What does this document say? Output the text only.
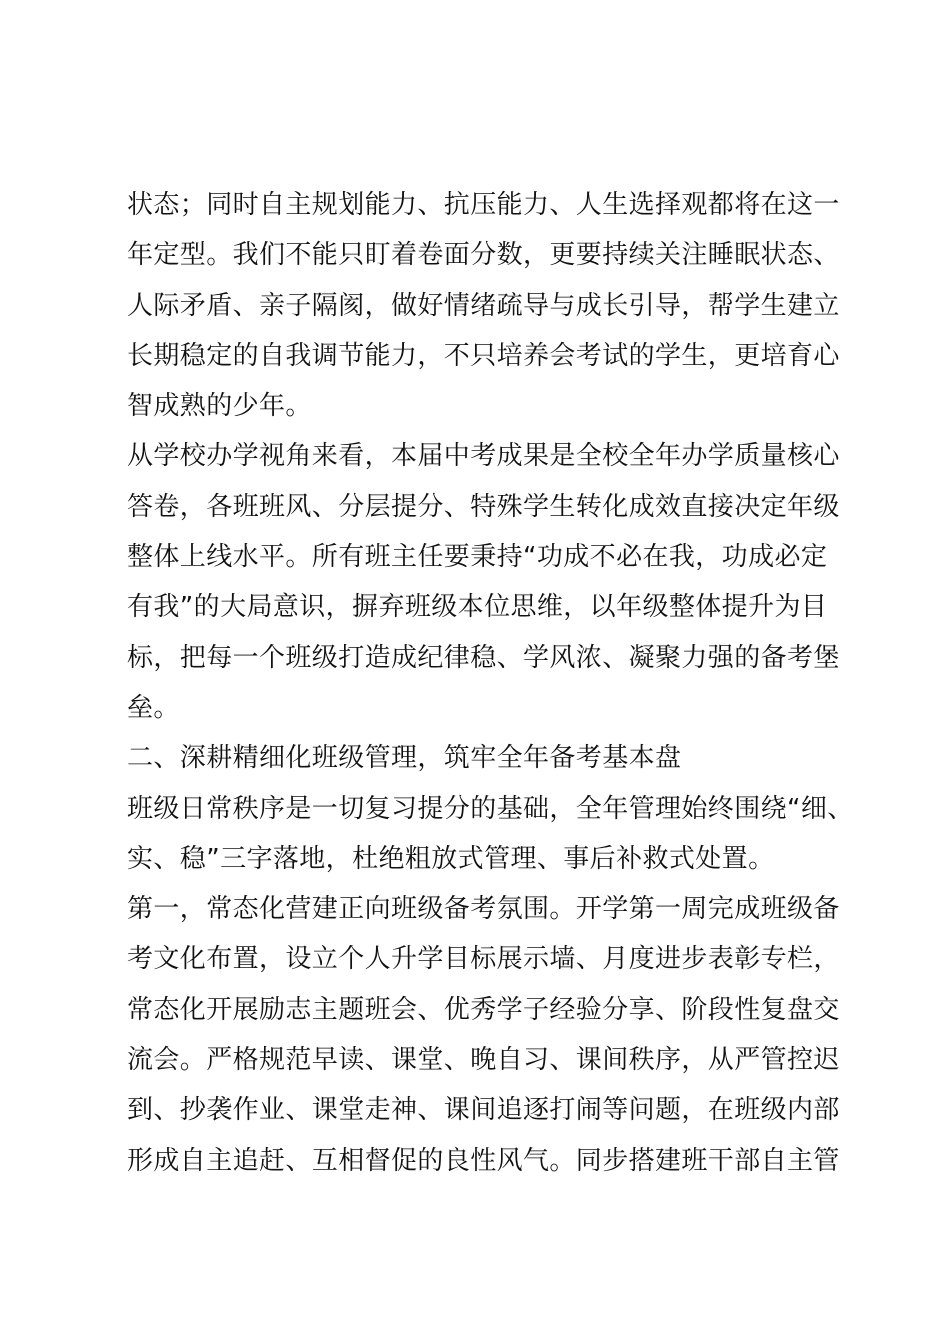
状态；同时自主规划能力、抗压能力、人生选择观都将在这一
年定型。我们不能只盯着卷面分数，更要持续关注睡眠状态、
人际矛盾、亲子隔阂，做好情绪疏导与成长引导，帮学生建立
长期稳定的自我调节能力，不只培养会考试的学生，更培育心
智成熟的少年。
从学校办学视角来看，本届中考成果是全校全年办学质量核心
答卷，各班班风、分层提分、特殊学生转化成效直接决定年级
整体上线水平。所有班主任要秉持“功成不必在我，功成必定
有我”的大局意识，摒弃班级本位思维，以年级整体提升为目
标，把每一个班级打造成纪律稳、学风浓、凝聚力强的备考堡
垒。
二、深耕精细化班级管理，筑牢全年备考基本盘
班级日常秩序是一切复习提分的基础，全年管理始终围绕“细、
实、稳”三字落地，杜绝粗放式管理、事后补救式处置。
第一，常态化营建正向班级备考氛围。开学第一周完成班级备
考文化布置，设立个人升学目标展示墙、月度进步表彰专栏，
常态化开展励志主题班会、优秀学子经验分享、阶段性复盘交
流会。严格规范早读、课堂、晚自习、课间秩序，从严管控迟
到、抄袭作业、课堂走神、课间追逐打闹等问题，在班级内部
形成自主追赶、互相督促的良性风气。同步搭建班干部自主管
